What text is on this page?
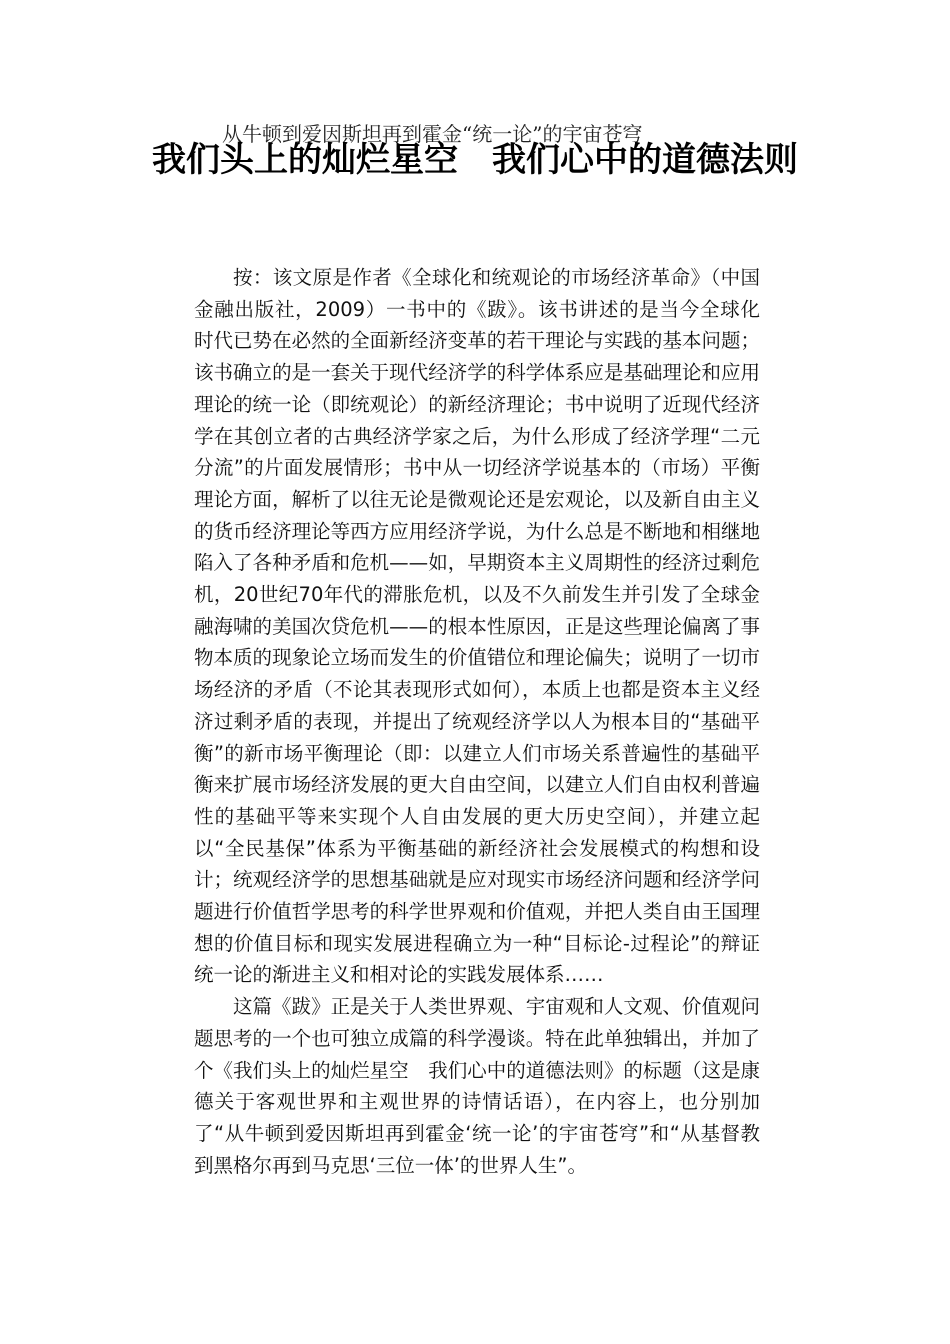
从牛顿到爱因斯坦再到霍金“统一论”的宇宙苍穹
我们头上的灿烂星空　我们心中的道德法则

按：该文原是作者《全球化和统观论的市场经济革命》（中国金融出版社，2009）一书中的《跋》。该书讲述的是当今全球化时代已势在必然的全面新经济变革的若干理论与实践的基本问题；该书确立的是一套关于现代经济学的科学体系应是基础理论和应用理论的统一论（即统观论）的新经济理论；书中说明了近现代经济学在其创立者的古典经济学家之后，为什么形成了经济学理“二元分流”的片面发展情形；书中从一切经济学说基本的（市场）平衡理论方面，解析了以往无论是微观论还是宏观论，以及新自由主义的货币经济理论等西方应用经济学说，为什么总是不断地和相继地陷入了各种矛盾和危机——如，早期资本主义周期性的经济过剩危机，20世纪70年代的滞胀危机，以及不久前发生并引发了全球金融海啸的美国次贷危机——的根本性原因，正是这些理论偏离了事物本质的现象论立场而发生的价值错位和理论偏失；说明了一切市场经济的矛盾（不论其表现形式如何），本质上也都是资本主义经济过剩矛盾的表现，并提出了统观经济学以人为根本目的“基础平衡”的新市场平衡理论（即：以建立人们市场关系普遍性的基础平衡来扩展市场经济发展的更大自由空间，以建立人们自由权利普遍性的基础平等来实现个人自由发展的更大历史空间），并建立起以“全民基保”体系为平衡基础的新经济社会发展模式的构想和设计；统观经济学的思想基础就是应对现实市场经济问题和经济学问题进行价值哲学思考的科学世界观和价值观，并把人类自由王国理想的价值目标和现实发展进程确立为一种“目标论-过程论”的辩证统一论的渐进主义和相对论的实践发展体系……

这篇《跋》正是关于人类世界观、宇宙观和人文观、价值观问题思考的一个也可独立成篇的科学漫谈。特在此单独辑出，并加了个《我们头上的灿烂星空　我们心中的道德法则》的标题（这是康德关于客观世界和主观世界的诗情话语），在内容上，也分别加了“从牛顿到爱因斯坦再到霍金‘统一论’的宇宙苍穹”和“从基督教到黑格尔再到马克思‘三位一体’的世界人生”。
